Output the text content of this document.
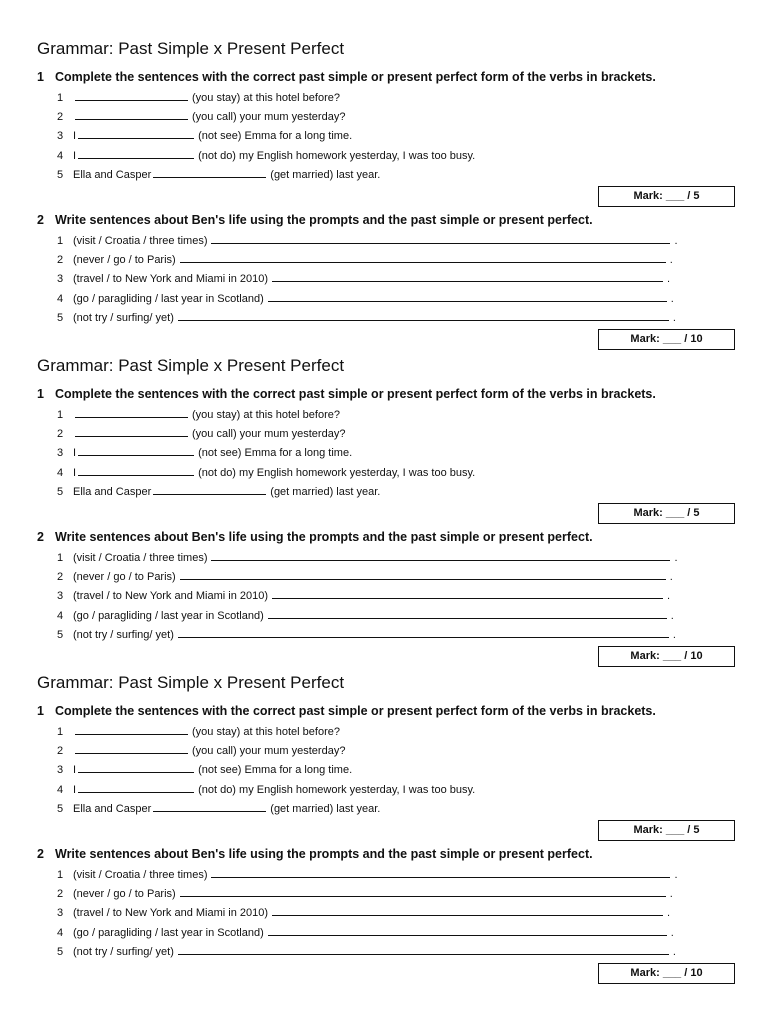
Grammar: Past Simple x Present Perfect
1 Complete the sentences with the correct past simple or present perfect form of the verbs in brackets.
1	(you stay) at this hotel before?
2	(you call) your mum yesterday?
3 I	(not see) Emma for a long time.
4 I	(not do) my English homework yesterday, I was too busy.
5 Ella and Casper	(get married) last year.
Mark: ___ / 5
2 Write sentences about Ben's life using the prompts and the past simple or present perfect.
1 (visit / Croatia / three times)	.
2 (never / go / to Paris)	.
3 (travel / to New York and Miami in 2010)	.
4 (go / paragliding / last year in Scotland)	.
5 (not try / surfing/ yet)	.
Mark: ___ / 10
Grammar: Past Simple x Present Perfect
1 Complete the sentences with the correct past simple or present perfect form of the verbs in brackets.
1	(you stay) at this hotel before?
2	(you call) your mum yesterday?
3 I	(not see) Emma for a long time.
4 I	(not do) my English homework yesterday, I was too busy.
5 Ella and Casper	(get married) last year.
Mark: ___ / 5
2 Write sentences about Ben's life using the prompts and the past simple or present perfect.
1 (visit / Croatia / three times)	.
2 (never / go / to Paris)	.
3 (travel / to New York and Miami in 2010)	.
4 (go / paragliding / last year in Scotland)	.
5 (not try / surfing/ yet)	.
Mark: ___ / 10
Grammar: Past Simple x Present Perfect
1 Complete the sentences with the correct past simple or present perfect form of the verbs in brackets.
1	(you stay) at this hotel before?
2	(you call) your mum yesterday?
3 I	(not see) Emma for a long time.
4 I	(not do) my English homework yesterday, I was too busy.
5 Ella and Casper	(get married) last year.
Mark: ___ / 5
2 Write sentences about Ben's life using the prompts and the past simple or present perfect.
1 (visit / Croatia / three times)	.
2 (never / go / to Paris)	.
3 (travel / to New York and Miami in 2010)	.
4 (go / paragliding / last year in Scotland)	.
5 (not try / surfing/ yet)	.
Mark: ___ / 10
